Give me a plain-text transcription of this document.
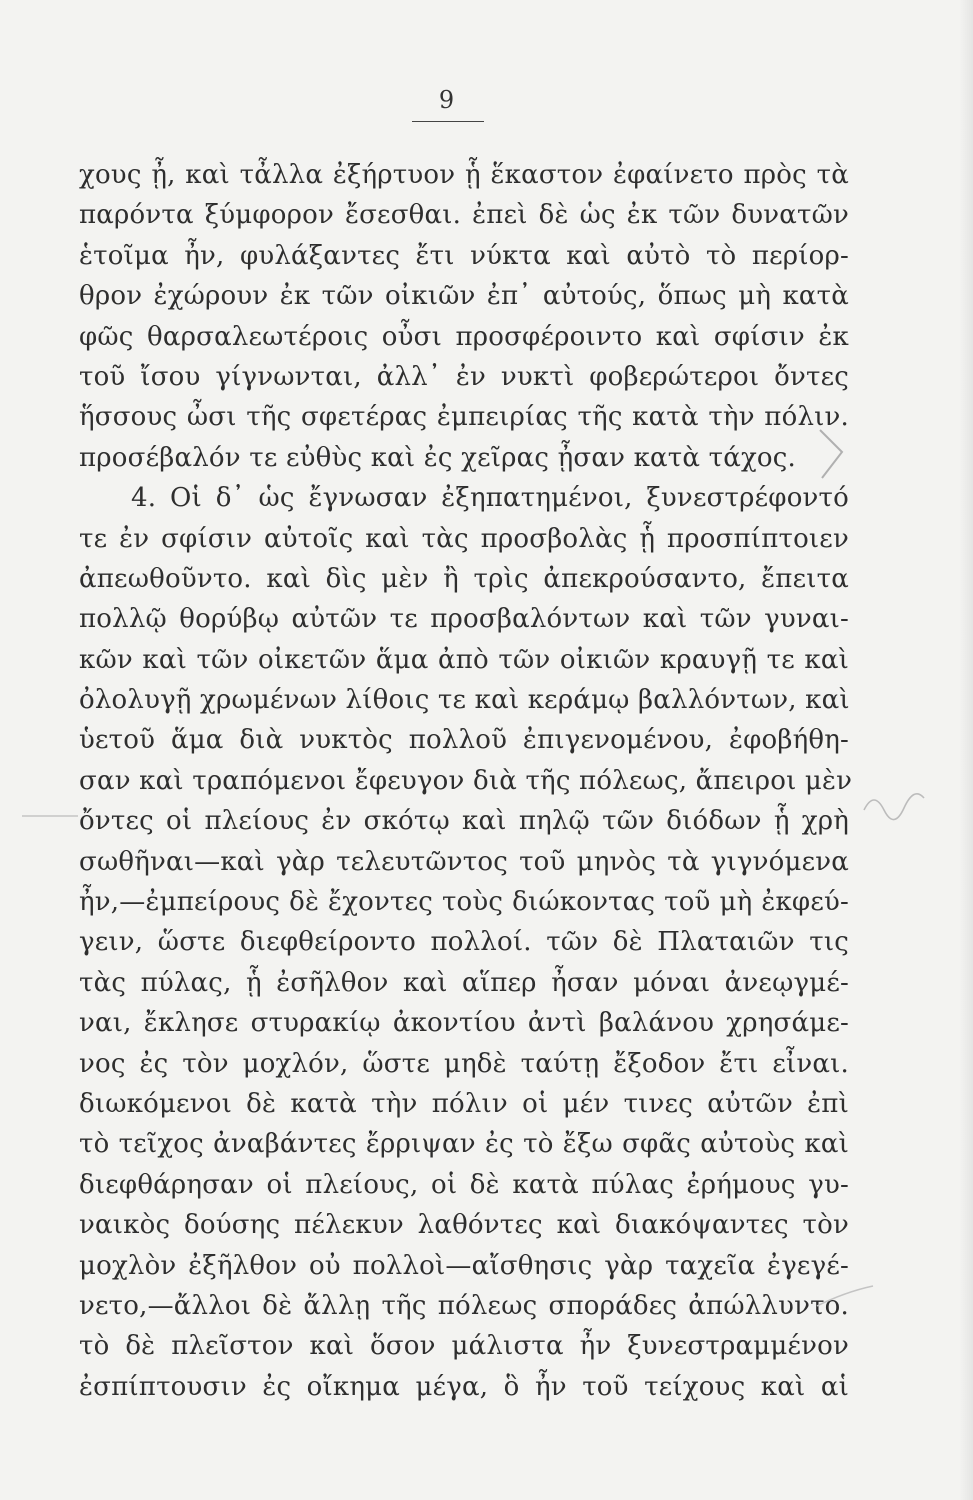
9
χους ᾖ, καὶ τἆλλα ἐξήρτυον ᾗ ἕκαστον ἐφαίνετο πρὸς τὰ
παρόντα ξύμφορον ἔσεσθαι. ἐπεὶ δὲ ὡς ἐκ τῶν δυνατῶν
ἑτοῖμα ἦν, φυλάξαντες ἔτι νύκτα καὶ αὐτὸ τὸ περίορ-
θρον ἐχώρουν ἐκ τῶν οἰκιῶν ἐπ᾽ αὐτούς, ὅπως μὴ κατὰ
φῶς θαρσαλεωτέροις οὖσι προσφέροιντο καὶ σφίσιν ἐκ
τοῦ ἴσου γίγνωνται, ἀλλ᾽ ἐν νυκτὶ φοβερώτεροι ὄντες
ἥσσους ὦσι τῆς σφετέρας ἐμπειρίας τῆς κατὰ τὴν πόλιν.
προσέβαλόν τε εὐθὺς καὶ ἐς χεῖρας ᾖσαν κατὰ τάχος.
4. Οἱ δ᾽ ὡς ἔγνωσαν ἐξηπατημένοι, ξυνεστρέφοντό
τε ἐν σφίσιν αὐτοῖς καὶ τὰς προσβολὰς ᾗ προσπίπτοιεν
ἀπεωθοῦντο. καὶ δὶς μὲν ἢ τρὶς ἀπεκρούσαντο, ἔπειτα
πολλῷ θορύβῳ αὐτῶν τε προσβαλόντων καὶ τῶν γυναι-
κῶν καὶ τῶν οἰκετῶν ἅμα ἀπὸ τῶν οἰκιῶν κραυγῇ τε καὶ
ὀλολυγῇ χρωμένων λίθοις τε καὶ κεράμῳ βαλλόντων, καὶ
ὑετοῦ ἅμα διὰ νυκτὸς πολλοῦ ἐπιγενομένου, ἐφοβήθη-
σαν καὶ τραπόμενοι ἔφευγον διὰ τῆς πόλεως, ἄπειροι μὲν
ὄντες οἱ πλείους ἐν σκότῳ καὶ πηλῷ τῶν διόδων ᾗ χρὴ
σωθῆναι—καὶ γὰρ τελευτῶντος τοῦ μηνὸς τὰ γιγνόμενα
ἦν,—ἐμπείρους δὲ ἔχοντες τοὺς διώκοντας τοῦ μὴ ἐκφεύ-
γειν, ὥστε διεφθείροντο πολλοί. τῶν δὲ Πλαταιῶν τις
τὰς πύλας, ᾗ ἐσῆλθον καὶ αἵπερ ἦσαν μόναι ἀνεῳγμέ-
ναι, ἔκλησε στυρακίῳ ἀκοντίου ἀντὶ βαλάνου χρησάμε-
νος ἐς τὸν μοχλόν, ὥστε μηδὲ ταύτῃ ἔξοδον ἔτι εἶναι.
διωκόμενοι δὲ κατὰ τὴν πόλιν οἱ μέν τινες αὐτῶν ἐπὶ
τὸ τεῖχος ἀναβάντες ἔρριψαν ἐς τὸ ἔξω σφᾶς αὐτοὺς καὶ
διεφθάρησαν οἱ πλείους, οἱ δὲ κατὰ πύλας ἐρήμους γυ-
ναικὸς δούσης πέλεκυν λαθόντες καὶ διακόψαντες τὸν
μοχλὸν ἐξῆλθον οὐ πολλοὶ—αἴσθησις γὰρ ταχεῖα ἐγεγέ-
νετο,—ἄλλοι δὲ ἄλλῃ τῆς πόλεως σποράδες ἀπώλλυντο.
τὸ δὲ πλεῖστον καὶ ὅσον μάλιστα ἦν ξυνεστραμμένον
ἐσπίπτουσιν ἐς οἴκημα μέγα, ὃ ἦν τοῦ τείχους καὶ αἱ
